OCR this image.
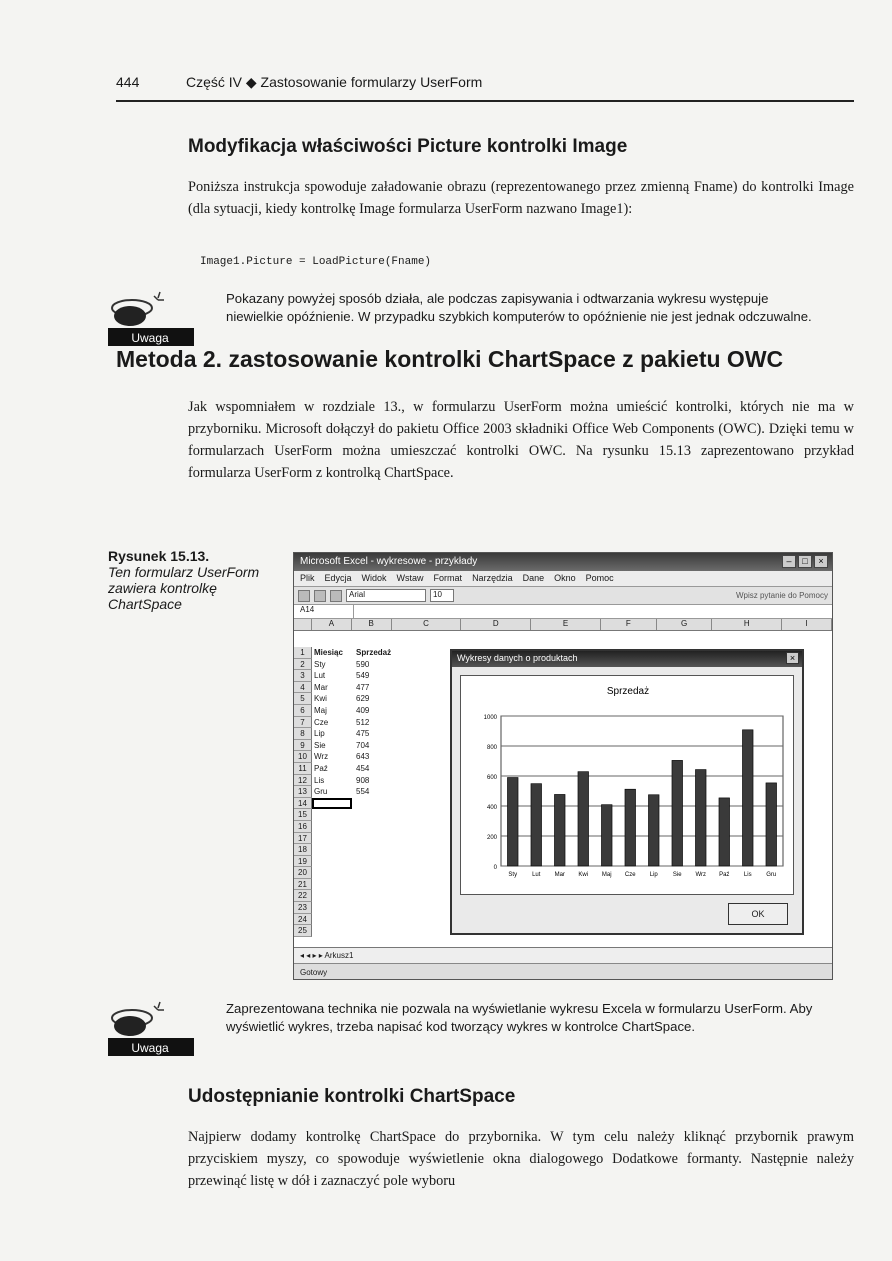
444	Część IV ◆ Zastosowanie formularzy UserForm
Modyfikacja właściwości Picture kontrolki Image

Poniższa instrukcja spowoduje załadowanie obrazu (reprezentowanego przez zmienną Fname) do kontrolki Image (dla sytuacji, kiedy kontrolkę Image formularza UserForm nazwano Image1):

Image1.Picture = LoadPicture(Fname)
Uwaga

Pokazany powyżej sposób działa, ale podczas zapisywania i odtwarzania wykresu występuje niewielkie opóźnienie. W przypadku szybkich komputerów to opóźnienie nie jest jednak odczuwalne.

Metoda 2. zastosowanie kontrolki ChartSpace z pakietu OWC

Jak wspomniałem w rozdziale 13., w formularzu UserForm można umieścić kontrolki, których nie ma w przyborniku. Microsoft dołączył do pakietu Office 2003 składniki Office Web Components (OWC). Dzięki temu w formularzach UserForm można umieszczać kontrolki OWC. Na rysunku 15.13 zaprezentowano przykład formularza UserForm z kontrolką ChartSpace.

Rysunek 15.13.
Ten formularz UserForm zawiera kontrolkę ChartSpace
Microsoft Excel - wykresowe - przykłady	–	□	×
Plik Edycja Widok Wstaw Format Narzędzia Dane Okno Pomoc
Arial	10	Wpisz pytanie do Pomocy
A14
A	B	C	D	E	F	G	H	I
1	Miesiąc	Sprzedaż
2	Sty	590
3	Lut	549
4	Mar	477
5	Kwi	629
6	Maj	409
7	Cze	512
8	Lip	475
9	Sie	704
10 Wrz	643
11 Paź	454
12 Lis	908
13 Gru	554
14
15
16
17
18
19
20
21
22
23
24
25
Wykresy danych o produktach	×
Sprzedaż
0
200
400
600
800
1000
Sty Lut Mar Kwi Maj Cze Lip	Sie Wrz Paź Lis Gru
OK
◂ ◂ ▸ ▸ Arkusz1
Gotowy
Uwaga

Zaprezentowana technika nie pozwala na wyświetlanie wykresu Excela w formularzu UserForm. Aby wyświetlić wykres, trzeba napisać kod tworzący wykres w kontrolce ChartSpace.

Udostępnianie kontrolki ChartSpace

Najpierw dodamy kontrolkę ChartSpace do przybornika. W tym celu należy kliknąć przybornik prawym przyciskiem myszy, co spowoduje wyświetlenie okna dialogowego Dodatkowe formanty. Następnie należy przewinąć listę w dół i zaznaczyć pole wyboru
